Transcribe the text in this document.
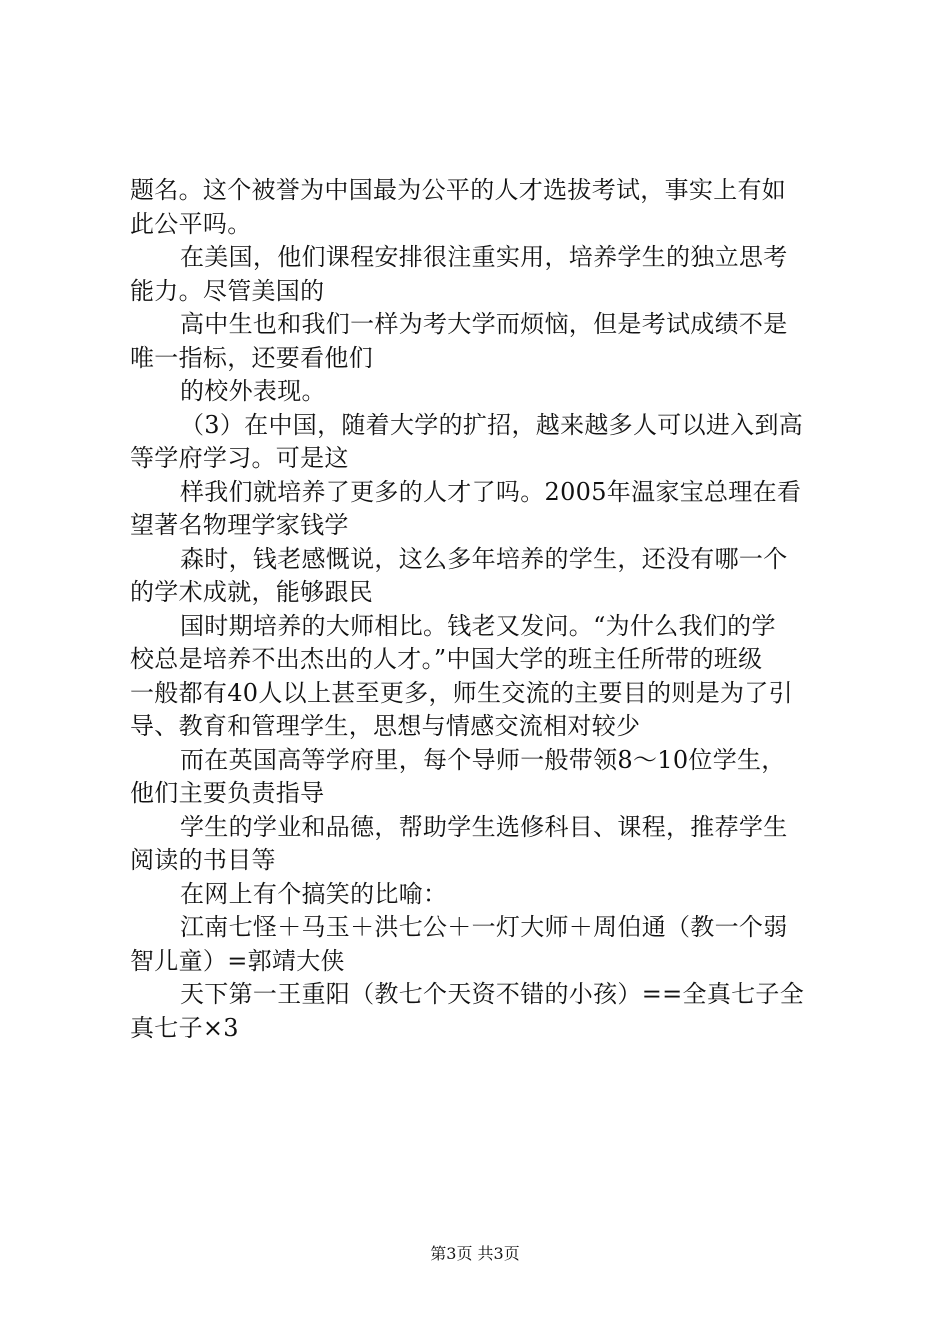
题名。这个被誉为中国最为公平的人才选拔考试，事实上有如
此公平吗。
在美国，他们课程安排很注重实用，培养学生的独立思考
能力。尽管美国的
高中生也和我们一样为考大学而烦恼，但是考试成绩不是
唯一指标，还要看他们
的校外表现。
（3）在中国，随着大学的扩招，越来越多人可以进入到高
等学府学习。可是这
样我们就培养了更多的人才了吗。2005年温家宝总理在看
望著名物理学家钱学
森时，钱老感慨说，这么多年培养的学生，还没有哪一个
的学术成就，能够跟民
国时期培养的大师相比。钱老又发问。“为什么我们的学
校总是培养不出杰出的人才。”中国大学的班主任所带的班级
一般都有40人以上甚至更多，师生交流的主要目的则是为了引
导、教育和管理学生，思想与情感交流相对较少
而在英国高等学府里，每个导师一般带领8～10位学生，
他们主要负责指导
学生的学业和品德，帮助学生选修科目、课程，推荐学生
阅读的书目等
在网上有个搞笑的比喻：
江南七怪＋马玉＋洪七公＋一灯大师＋周伯通（教一个弱
智儿童）=郭靖大侠
天下第一王重阳（教七个天资不错的小孩）==全真七子全
真七子×3
第3页 共3页
